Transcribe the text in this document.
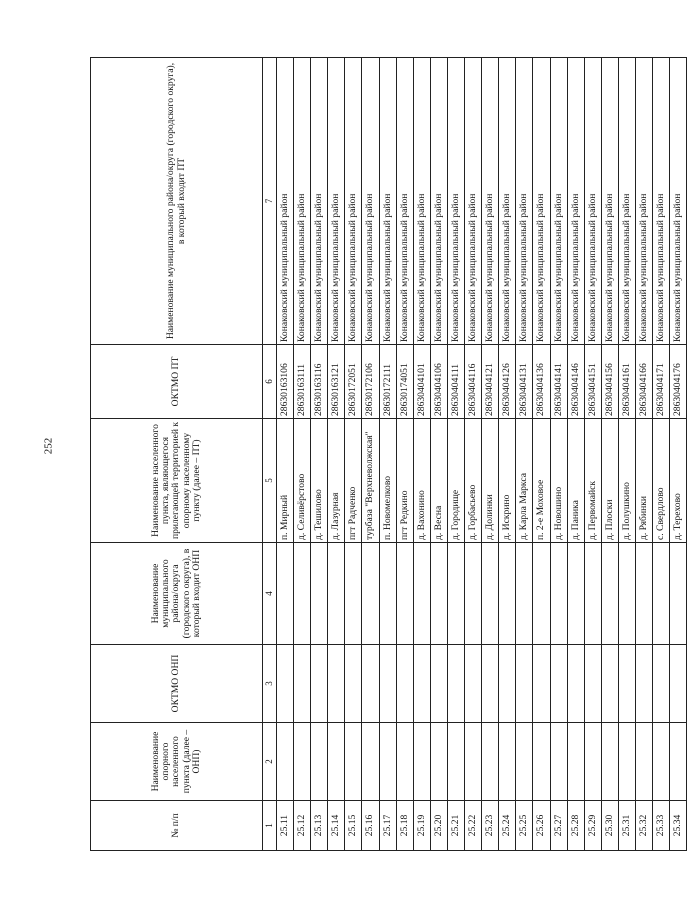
252
№ п/п	Наименование опорного населенного пункта (далее – ОНП)	ОКТМО ОНП	Наименование муниципального района/округа (городского округа), в который входит ОНП	Наименование населенного пункта, являющегося прилегающей территорией к опорному населенному пункту (далее – ПТ)	ОКТМО ПТ	Наименование муниципального района/округа (городского округа), в который входит ПТ
1	2	3	4	5	6	7
25.11				п. Мирный	28630163106	Конаковский муниципальный район
25.12				д. Селивёрстово	28630163111	Конаковский муниципальный район
25.13				д. Тешилово	28630163116	Конаковский муниципальный район
25.14				д. Лазурная	28630163121	Конаковский муниципальный район
25.15				пгт Радченко	28630172051	Конаковский муниципальный район
25.16				турбаза "Верхневолжская"	28630172106	Конаковский муниципальный район
25.17				п. Новомелково	28630172111	Конаковский муниципальный район
25.18				пгт Редкино	28630174051	Конаковский муниципальный район
25.19				д. Вахонино	28630404101	Конаковский муниципальный район
25.20				д. Весна	28630404106	Конаковский муниципальный район
25.21				д. Городище	28630404111	Конаковский муниципальный район
25.22				д. Горбасьево	28630404116	Конаковский муниципальный район
25.23				д. Долинки	28630404121	Конаковский муниципальный район
25.24				д. Искрино	28630404126	Конаковский муниципальный район
25.25				д. Карла Маркса	28630404131	Конаковский муниципальный район
25.26				п. 2-е Моховое	28630404136	Конаковский муниципальный район
25.27				д. Новошино	28630404141	Конаковский муниципальный район
25.28				д. Паника	28630404146	Конаковский муниципальный район
25.29				д. Первомайск	28630404151	Конаковский муниципальный район
25.30				д. Плоски	28630404156	Конаковский муниципальный район
25.31				д. Полушкино	28630404161	Конаковский муниципальный район
25.32				д. Рябинки	28630404166	Конаковский муниципальный район
25.33				с. Свердлово	28630404171	Конаковский муниципальный район
25.34				д. Терехово	28630404176	Конаковский муниципальный район
